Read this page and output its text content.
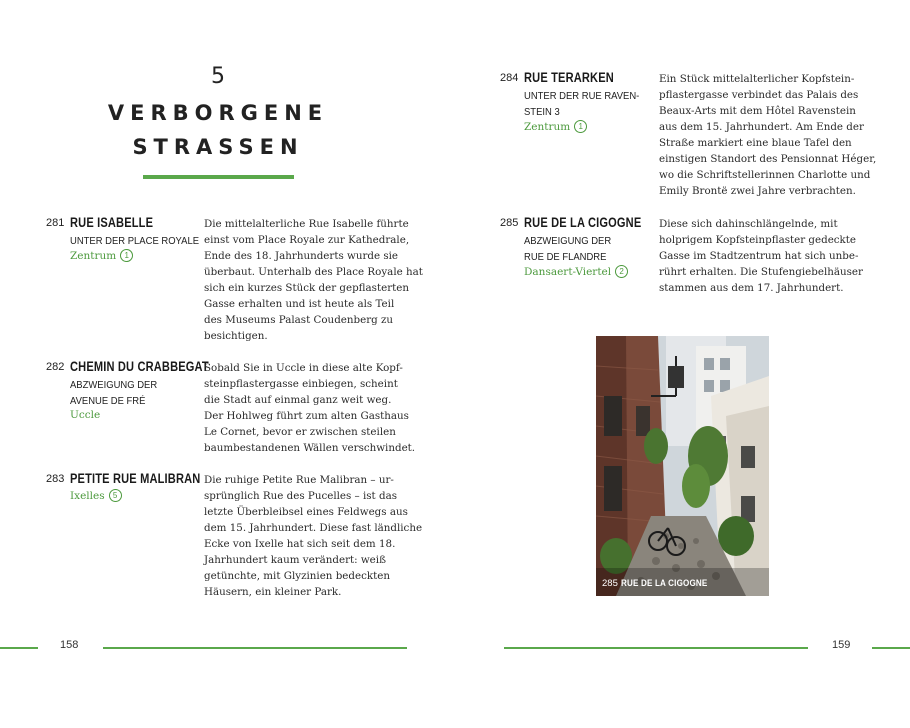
5
VERBORGENE
STRASSEN
281 RUE ISABELLE
UNTER DER PLACE ROYALE
Zentrum 1
Die mittelalterliche Rue Isabelle führte
einst vom Place Royale zur Kathedrale,
Ende des 18. Jahrhunderts wurde sie
überbaut. Unterhalb des Place Royale hat
sich ein kurzes Stück der gepflasterten
Gasse erhalten und ist heute als Teil
des Museums Palast Coudenberg zu
besichtigen.
282 CHEMIN DU CRABBEGAT
ABZWEIGUNG DER
AVENUE DE FRÉ
Uccle
Sobald Sie in Uccle in diese alte Kopf-
steinpflastergasse einbiegen, scheint
die Stadt auf einmal ganz weit weg.
Der Hohlweg führt zum alten Gasthaus
Le Cornet, bevor er zwischen steilen
baumbestandenen Wällen verschwindet.
283 PETITE RUE MALIBRAN
Ixelles 5
Die ruhige Petite Rue Malibran – ur-
sprünglich Rue des Pucelles – ist das
letzte Überbleibsel eines Feldwegs aus
dem 15. Jahrhundert. Diese fast ländliche
Ecke von Ixelle hat sich seit dem 18.
Jahrhundert kaum verändert: weiß
getünchte, mit Glyzinien bedeckten
Häusern, ein kleiner Park.
284 RUE TERARKEN
UNTER DER RUE RAVEN-
STEIN 3
Zentrum 1
Ein Stück mittelalterlicher Kopfstein-
pflastergasse verbindet das Palais des
Beaux-Arts mit dem Hôtel Ravenstein
aus dem 15. Jahrhundert. Am Ende der
Straße markiert eine blaue Tafel den
einstigen Standort des Pensionnat Héger,
wo die Schriftstellerinnen Charlotte und
Emily Brontë zwei Jahre verbrachten.
285 RUE DE LA CIGOGNE
ABZWEIGUNG DER
RUE DE FLANDRE
Dansaert-Viertel 2
Diese sich dahinschlängelnde, mit
holprigem Kopfsteinpflaster gedeckte
Gasse im Stadtzentrum hat sich unbe-
rührt erhalten. Die Stufengiebelhäuser
stammen aus dem 17. Jahrhundert.
285 RUE DE LA CIGOGNE
158	159
